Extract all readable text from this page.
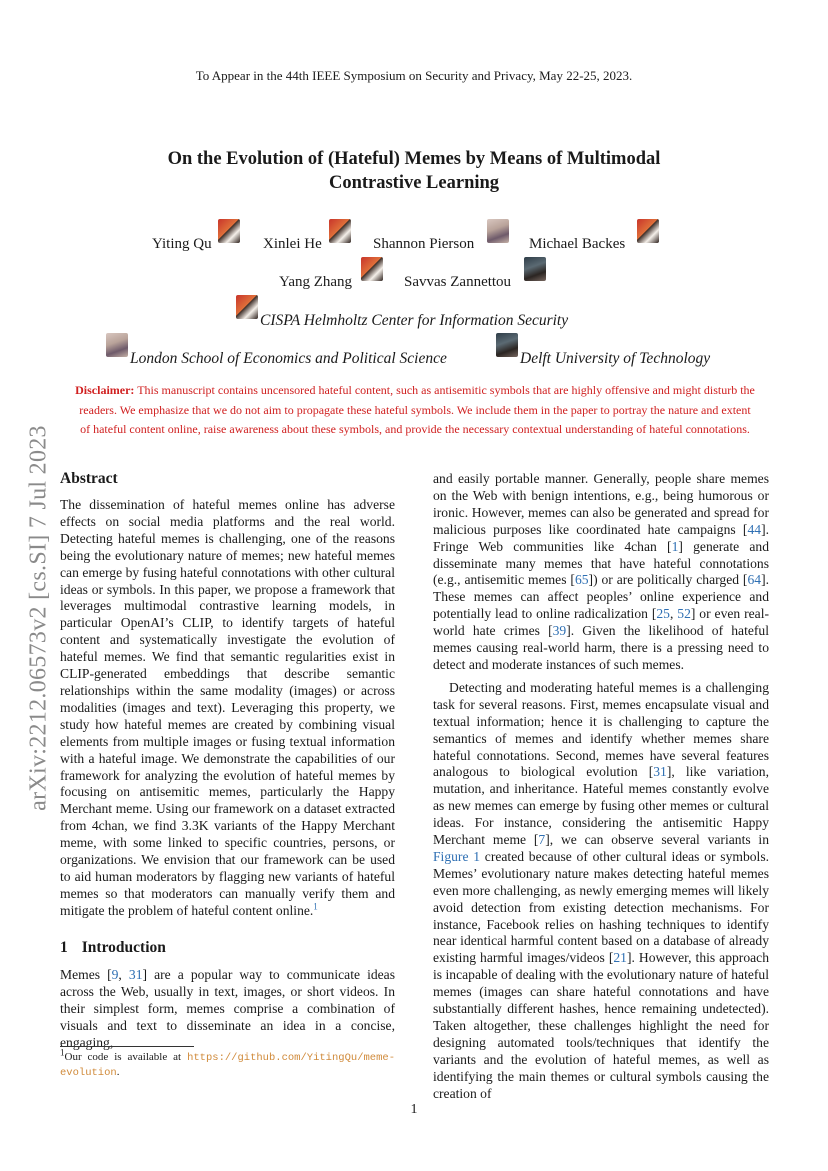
To Appear in the 44th IEEE Symposium on Security and Privacy, May 22-25, 2023.
On the Evolution of (Hateful) Memes by Means of Multimodal
Contrastive Learning
Yiting Qu	Xinlei He	Shannon Pierson	Michael Backes
Yang Zhang	Savvas Zannettou
CISPA Helmholtz Center for Information Security
London School of Economics and Political Science	Delft University of Technology
Disclaimer: This manuscript contains uncensored hateful content, such as antisemitic symbols that are highly offensive and might disturb the
readers. We emphasize that we do not aim to propagate these hateful symbols. We include them in the paper to portray the nature and extent
of hateful content online, raise awareness about these symbols, and provide the necessary contextual understanding of hateful connotations.
arXiv:2212.06573v2 [cs.SI] 7 Jul 2023 Abstract
The dissemination of hateful memes online has adverse effects on social media platforms and the real world. Detecting hateful memes is challenging, one of the reasons being the evolutionary nature of memes; new hateful memes can emerge by fusing hateful connotations with other cultural ideas or symbols. In this paper, we propose a framework that leverages multimodal contrastive learning models, in particular OpenAI’s CLIP, to identify targets of hateful content and systematically investigate the evolution of hateful memes. We find that semantic regularities exist in CLIP-generated embeddings that describe semantic relationships within the same modality (images) or across modalities (images and text). Leveraging this property, we study how hateful memes are created by combining visual elements from multiple images or fusing textual information with a hateful image. We demonstrate the capabilities of our framework for analyzing the evolution of hateful memes by focusing on antisemitic memes, particularly the Happy Merchant meme. Using our framework on a dataset extracted from 4chan, we find 3.3K variants of the Happy Merchant meme, with some linked to specific countries, persons, or organizations. We envision that our framework can be used to aid human moderators by flagging new variants of hateful memes so that moderators can manually verify them and mitigate the problem of hateful content online.$^1$
1 Introduction
Memes [9, 31] are a popular way to communicate ideas across the Web, usually in text, images, or short videos. In their simplest form, memes comprise a combination of visuals and text to disseminate an idea in a concise, engaging,
$^1$Our code is available at https://github.com/YitingQu/meme-evolution.
and easily portable manner. Generally, people share memes on the Web with benign intentions, e.g., being humorous or ironic. However, memes can also be generated and spread for malicious purposes like coordinated hate campaigns [44]. Fringe Web communities like 4chan [1] generate and disseminate many memes that have hateful connotations (e.g., antisemitic memes [65]) or are politically charged [64]. These memes can affect peoples’ online experience and potentially lead to online radicalization [25, 52] or even real-world hate crimes [39]. Given the likelihood of hateful memes causing real-world harm, there is a pressing need to detect and moderate instances of such memes.
Detecting and moderating hateful memes is a challenging task for several reasons. First, memes encapsulate visual and textual information; hence it is challenging to capture the semantics of memes and identify whether memes share hateful connotations. Second, memes have several features analogous to biological evolution [31], like variation, mutation, and inheritance. Hateful memes constantly evolve as new memes can emerge by fusing other memes or cultural ideas. For instance, considering the antisemitic Happy Merchant meme [7], we can observe several variants in Figure 1 created because of other cultural ideas or symbols. Memes’ evolutionary nature makes detecting hateful memes even more challenging, as newly emerging memes will likely avoid detection from existing detection mechanisms. For instance, Facebook relies on hashing techniques to identify near identical harmful content based on a database of already existing harmful images/videos [21]. However, this approach is incapable of dealing with the evolutionary nature of hateful memes (images can share hateful connotations and have substantially different hashes, hence remaining undetected). Taken altogether, these challenges highlight the need for designing automated tools/techniques that identify the variants and the evolution of hateful memes, as well as identifying the main themes or cultural symbols causing the creation of
1
